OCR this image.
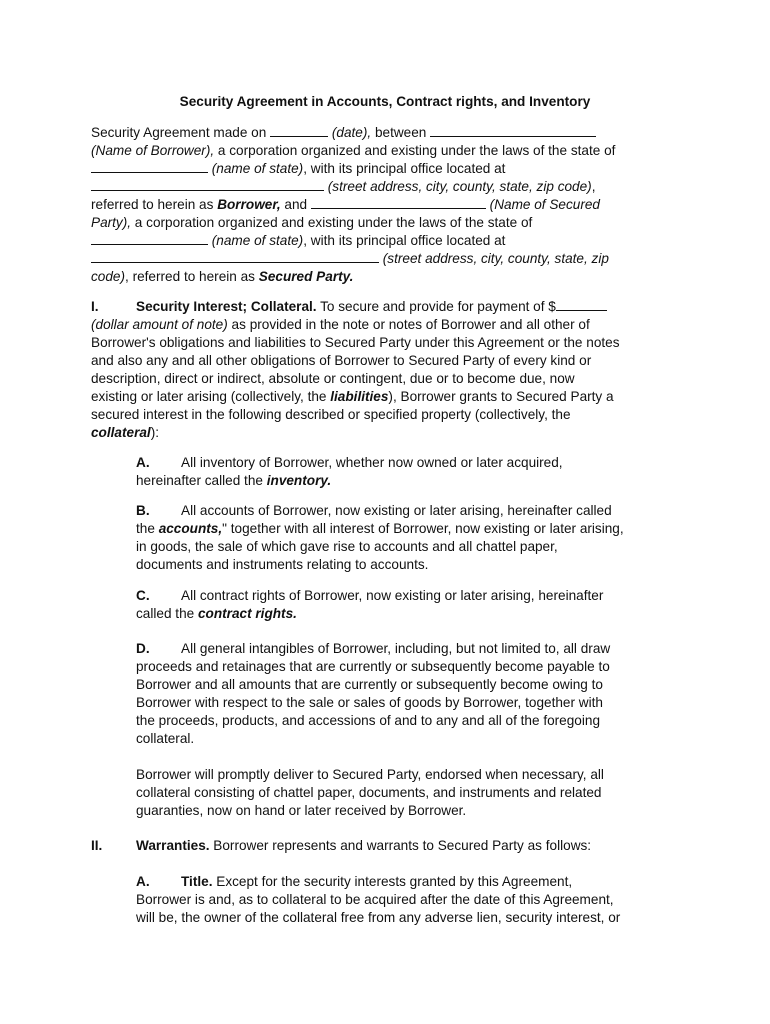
Security Agreement in Accounts, Contract rights, and Inventory
Security Agreement made on	(date), between
(Name of Borrower), a corporation organized and existing under the laws of the state of
(name of state), with its principal office located at
(street address, city, county, state, zip code),
referred to herein as Borrower, and	(Name of Secured
Party), a corporation organized and existing under the laws of the state of
(name of state), with its principal office located at
(street address, city, county, state, zip
code), referred to herein as Secured Party.
I.	Security Interest; Collateral. To secure and provide for payment of $
(dollar amount of note) as provided in the note or notes of Borrower and all other of
Borrower's obligations and liabilities to Secured Party under this Agreement or the notes
and also any and all other obligations of Borrower to Secured Party of every kind or
description, direct or indirect, absolute or contingent, due or to become due, now
existing or later arising (collectively, the liabilities), Borrower grants to Secured Party a
secured interest in the following described or specified property (collectively, the
collateral):
A. All inventory of Borrower, whether now owned or later acquired,
hereinafter called the inventory.
B. All accounts of Borrower, now existing or later arising, hereinafter called
the accounts," together with all interest of Borrower, now existing or later arising,
in goods, the sale of which gave rise to accounts and all chattel paper,
documents and instruments relating to accounts.
C. All contract rights of Borrower, now existing or later arising, hereinafter
called the contract rights.
D. All general intangibles of Borrower, including, but not limited to, all draw
proceeds and retainages that are currently or subsequently become payable to
Borrower and all amounts that are currently or subsequently become owing to
Borrower with respect to the sale or sales of goods by Borrower, together with
the proceeds, products, and accessions of and to any and all of the foregoing
collateral.
Borrower will promptly deliver to Secured Party, endorsed when necessary, all
collateral consisting of chattel paper, documents, and instruments and related
guaranties, now on hand or later received by Borrower.
II. Warranties. Borrower represents and warrants to Secured Party as follows:
A. Title. Except for the security interests granted by this Agreement,
Borrower is and, as to collateral to be acquired after the date of this Agreement,
will be, the owner of the collateral free from any adverse lien, security interest, or
